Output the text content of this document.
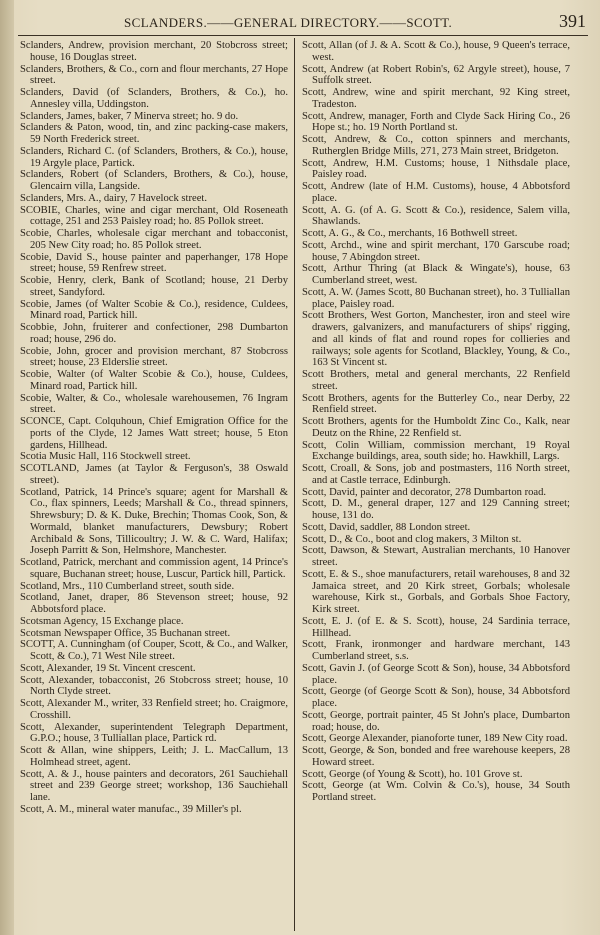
SCLANDERS.——GENERAL DIRECTORY.——SCOTT.	391

Sclanders, Andrew, provision merchant, 20 Stobcross street; house, 16 Douglas street.

Sclanders, Brothers, & Co., corn and flour merchants, 27 Hope street.

Sclanders, David (of Sclanders, Brothers, & Co.), ho. Annesley villa, Uddingston.

Sclanders, James, baker, 7 Minerva street; ho. 9 do.

Sclanders & Paton, wood, tin, and zinc packing-case makers, 59 North Frederick street.

Sclanders, Richard C. (of Sclanders, Brothers, & Co.), house, 19 Argyle place, Partick.

Sclanders, Robert (of Sclanders, Brothers, & Co.), house, Glencairn villa, Langside.

Sclanders, Mrs. A., dairy, 7 Havelock street.

SCOBIE, Charles, wine and cigar merchant, Old Roseneath cottage, 251 and 253 Paisley road; ho. 85 Pollok street.

Scobie, Charles, wholesale cigar merchant and tobacconist, 205 New City road; ho. 85 Pollok street.

Scobie, David S., house painter and paperhanger, 178 Hope street; house, 59 Renfrew street.

Scobie, Henry, clerk, Bank of Scotland; house, 21 Derby street, Sandyford.

Scobie, James (of Walter Scobie & Co.), residence, Culdees, Minard road, Partick hill.

Scobbie, John, fruiterer and confectioner, 298 Dumbarton road; house, 296 do.

Scobie, John, grocer and provision merchant, 87 Stobcross street; house, 23 Elderslie street.

Scobie, Walter (of Walter Scobie & Co.), house, Culdees, Minard road, Partick hill.

Scobie, Walter, & Co., wholesale warehousemen, 76 Ingram street.

SCONCE, Capt. Colquhoun, Chief Emigration Office for the ports of the Clyde, 12 James Watt street; house, 5 Eton gardens, Hillhead.

Scotia Music Hall, 116 Stockwell street.

SCOTLAND, James (at Taylor & Ferguson's, 38 Oswald street).

Scotland, Patrick, 14 Prince's square; agent for Marshall & Co., flax spinners, Leeds; Marshall & Co., thread spinners, Shrewsbury; D. & K. Duke, Brechin; Thomas Cook, Son, & Wormald, blanket manufacturers, Dewsbury; Robert Archibald & Sons, Tillicoultry; J. W. & C. Ward, Halifax; Joseph Parritt & Son, Helmshore, Manchester.

Scotland, Patrick, merchant and commission agent, 14 Prince's square, Buchanan street; house, Luscur, Partick hill, Partick.

Scotland, Mrs., 110 Cumberland street, south side.

Scotland, Janet, draper, 86 Stevenson street; house, 92 Abbotsford place.

Scotsman Agency, 15 Exchange place.

Scotsman Newspaper Office, 35 Buchanan street.

SCOTT, A. Cunningham (of Couper, Scott, & Co., and Walker, Scott, & Co.), 71 West Nile street.

Scott, Alexander, 19 St. Vincent crescent.

Scott, Alexander, tobacconist, 26 Stobcross street; house, 10 North Clyde street.

Scott, Alexander M., writer, 33 Renfield street; ho. Craigmore, Crosshill.

Scott, Alexander, superintendent Telegraph Department, G.P.O.; house, 3 Tulliallan place, Partick rd.

Scott & Allan, wine shippers, Leith; J. L. MacCallum, 13 Holmhead street, agent.

Scott, A. & J., house painters and decorators, 261 Sauchiehall street and 239 George street; workshop, 136 Sauchiehall lane.

Scott, A. M., mineral water manufac., 39 Miller's pl.

Scott, Allan (of J. & A. Scott & Co.), house, 9 Queen's terrace, west.

Scott, Andrew (at Robert Robin's, 62 Argyle street), house, 7 Suffolk street.

Scott, Andrew, wine and spirit merchant, 92 King street, Tradeston.

Scott, Andrew, manager, Forth and Clyde Sack Hiring Co., 26 Hope st.; ho. 19 North Portland st.

Scott, Andrew, & Co., cotton spinners and merchants, Rutherglen Bridge Mills, 271, 273 Main street, Bridgeton.

Scott, Andrew, H.M. Customs; house, 1 Nithsdale place, Paisley road.

Scott, Andrew (late of H.M. Customs), house, 4 Abbotsford place.

Scott, A. G. (of A. G. Scott & Co.), residence, Salem villa, Shawlands.

Scott, A. G., & Co., merchants, 16 Bothwell street.

Scott, Archd., wine and spirit merchant, 170 Garscube road; house, 7 Abingdon street.

Scott, Arthur Thring (at Black & Wingate's), house, 63 Cumberland street, west.

Scott, A. W. (James Scott, 80 Buchanan street), ho. 3 Tulliallan place, Paisley road.

Scott Brothers, West Gorton, Manchester, iron and steel wire drawers, galvanizers, and manufacturers of ships' rigging, and all kinds of flat and round ropes for collieries and railways; sole agents for Scotland, Blackley, Young, & Co., 163 St Vincent st.

Scott Brothers, metal and general merchants, 22 Renfield street.

Scott Brothers, agents for the Butterley Co., near Derby, 22 Renfield street.

Scott Brothers, agents for the Humboldt Zinc Co., Kalk, near Deutz on the Rhine, 22 Renfield st.

Scott, Colin William, commission merchant, 19 Royal Exchange buildings, area, south side; ho. Hawkhill, Largs.

Scott, Croall, & Sons, job and postmasters, 116 North street, and at Castle terrace, Edinburgh.

Scott, David, painter and decorator, 278 Dumbarton road.

Scott, D. M., general draper, 127 and 129 Canning street; house, 131 do.

Scott, David, saddler, 88 London street.

Scott, D., & Co., boot and clog makers, 3 Milton st.

Scott, Dawson, & Stewart, Australian merchants, 10 Hanover street.

Scott, E. & S., shoe manufacturers, retail warehouses, 8 and 32 Jamaica street, and 20 Kirk street, Gorbals; wholesale warehouse, Kirk st., Gorbals, and Gorbals Shoe Factory, Kirk street.

Scott, E. J. (of E. & S. Scott), house, 24 Sardinia terrace, Hillhead.

Scott, Frank, ironmonger and hardware merchant, 143 Cumberland street, s.s.

Scott, Gavin J. (of George Scott & Son), house, 34 Abbotsford place.

Scott, George (of George Scott & Son), house, 34 Abbotsford place.

Scott, George, portrait painter, 45 St John's place, Dumbarton road; house, do.

Scott, George Alexander, pianoforte tuner, 189 New City road.

Scott, George, & Son, bonded and free warehouse keepers, 28 Howard street.

Scott, George (of Young & Scott), ho. 101 Grove st.

Scott, George (at Wm. Colvin & Co.'s), house, 34 South Portland street.
